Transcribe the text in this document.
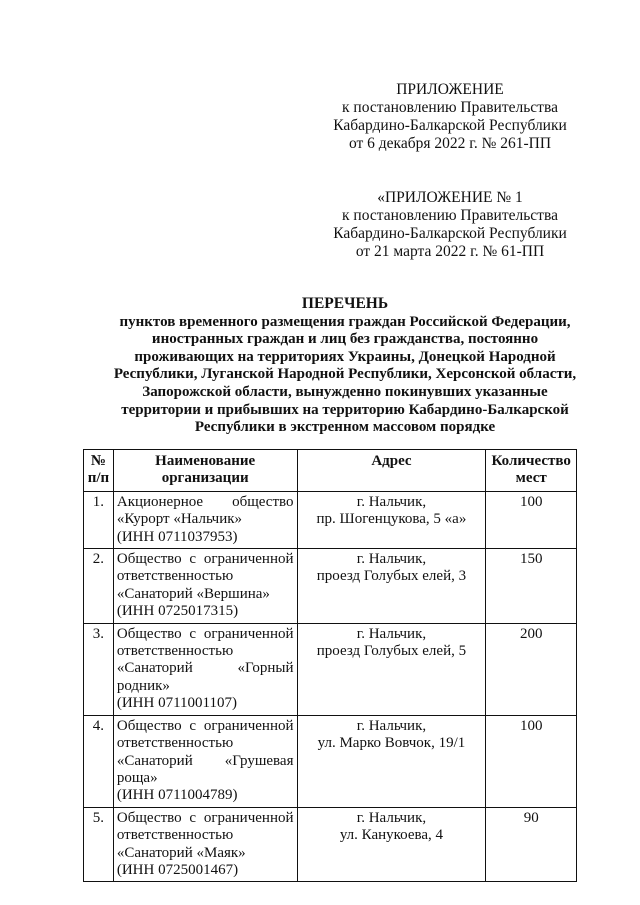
ПРИЛОЖЕНИЕ
к постановлению Правительства
Кабардино-Балкарской Республики
от 6 декабря 2022 г. № 261-ПП
«ПРИЛОЖЕНИЕ № 1
к постановлению Правительства
Кабардино-Балкарской Республики
от 21 марта 2022 г. № 61-ПП
ПЕРЕЧЕНЬ
пунктов временного размещения граждан Российской Федерации,
иностранных граждан и лиц без гражданства, постоянно
проживающих на территориях Украины, Донецкой Народной
Республики, Луганской Народной Республики, Херсонской области,
Запорожской области, вынужденно покинувших указанные
территории и прибывших на территорию Кабардино-Балкарской
Республики в экстренном массовом порядке
№
п/п	Наименование
организации	Адрес	Количество
мест

1.	Акционерное общество
«Курорт «Нальчик»
(ИНН 0711037953)	г. Нальчик,
пр. Шогенцукова, 5 «а»	100
2.	Общество с ограниченной
ответственностью
«Санаторий «Вершина»
(ИНН 0725017315)	г. Нальчик,
проезд Голубых елей, 3	150
3.	Общество с ограниченной
ответственностью
«Санаторий «Горный
родник»
(ИНН 0711001107)	г. Нальчик,
проезд Голубых елей, 5	200
4.	Общество с ограниченной
ответственностью
«Санаторий «Грушевая
роща»
(ИНН 0711004789)	г. Нальчик,
ул. Марко Вовчок, 19/1	100
5.	Общество с ограниченной
ответственностью
«Санаторий «Маяк»
(ИНН 0725001467)	г. Нальчик,
ул. Канукоева, 4	90
